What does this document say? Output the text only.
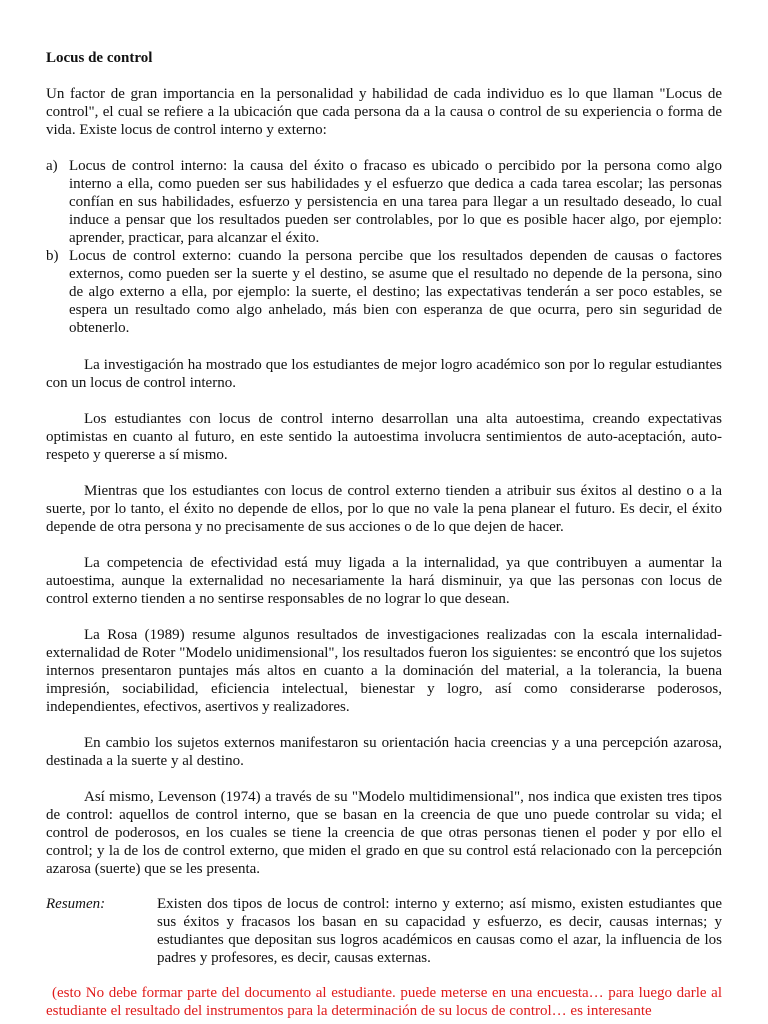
Locus de control

Un factor de gran importancia en la personalidad y habilidad de cada individuo es lo que llaman "Locus de control", el cual se refiere a la ubicación que cada persona da a la causa o control de su experiencia o forma de vida. Existe locus de control interno y externo:

a) Locus de control interno: la causa del éxito o fracaso es ubicado o percibido por la persona como algo interno a ella, como pueden ser sus habilidades y el esfuerzo que dedica a cada tarea escolar; las personas confían en sus habilidades, esfuerzo y persistencia en una tarea para llegar a un resultado deseado, lo cual induce a pensar que los resultados pueden ser controlables, por lo que es posible hacer algo, por ejemplo: aprender, practicar, para alcanzar el éxito.
b) Locus de control externo: cuando la persona percibe que los resultados dependen de causas o factores externos, como pueden ser la suerte y el destino, se asume que el resultado no depende de la persona, sino de algo externo a ella, por ejemplo: la suerte, el destino; las expectativas tenderán a ser poco estables, se espera un resultado como algo anhelado, más bien con esperanza de que ocurra, pero sin seguridad de obtenerlo.

La investigación ha mostrado que los estudiantes de mejor logro académico son por lo regular estudiantes con un locus de control interno.

Los estudiantes con locus de control interno desarrollan una alta autoestima, creando expectativas optimistas en cuanto al futuro, en este sentido la autoestima involucra sentimientos de auto-aceptación, auto-respeto y quererse a sí mismo.

Mientras que los estudiantes con locus de control externo tienden a atribuir sus éxitos al destino o a la suerte, por lo tanto, el éxito no depende de ellos, por lo que no vale la pena planear el futuro. Es decir, el éxito depende de otra persona y no precisamente de sus acciones o de lo que dejen de hacer.

La competencia de efectividad está muy ligada a la internalidad, ya que contribuyen a aumentar la autoestima, aunque la externalidad no necesariamente la hará disminuir, ya que las personas con locus de control externo tienden a no sentirse responsables de no lograr lo que desean.

La Rosa (1989) resume algunos resultados de investigaciones realizadas con la escala internalidad-externalidad de Roter "Modelo unidimensional", los resultados fueron los siguientes: se encontró que los sujetos internos presentaron puntajes más altos en cuanto a la dominación del material, a la tolerancia, la buena impresión, sociabilidad, eficiencia intelectual, bienestar y logro, así como considerarse poderosos, independientes, efectivos, asertivos y realizadores.

En cambio los sujetos externos manifestaron su orientación hacia creencias y a una percepción azarosa, destinada a la suerte y al destino.

Así mismo, Levenson (1974) a través de su "Modelo multidimensional", nos indica que existen tres tipos de control: aquellos de control interno, que se basan en la creencia de que uno puede controlar su vida; el control de poderosos, en los cuales se tiene la creencia de que otras personas tienen el poder y por ello el control; y la de los de control externo, que miden el grado en que su control está relacionado con la percepción azarosa (suerte) que se les presenta.

Resumen:	Existen dos tipos de locus de control: interno y externo; así mismo, existen estudiantes que sus éxitos y fracasos los basan en su capacidad y esfuerzo, es decir, causas internas; y estudiantes que depositan sus logros académicos en causas como el azar, la influencia de los padres y profesores, es decir, causas externas.

(esto No debe formar parte del documento al estudiante. puede meterse en una encuesta… para luego darle al estudiante el resultado del instrumentos para la determinación de su locus de control… es interesante
